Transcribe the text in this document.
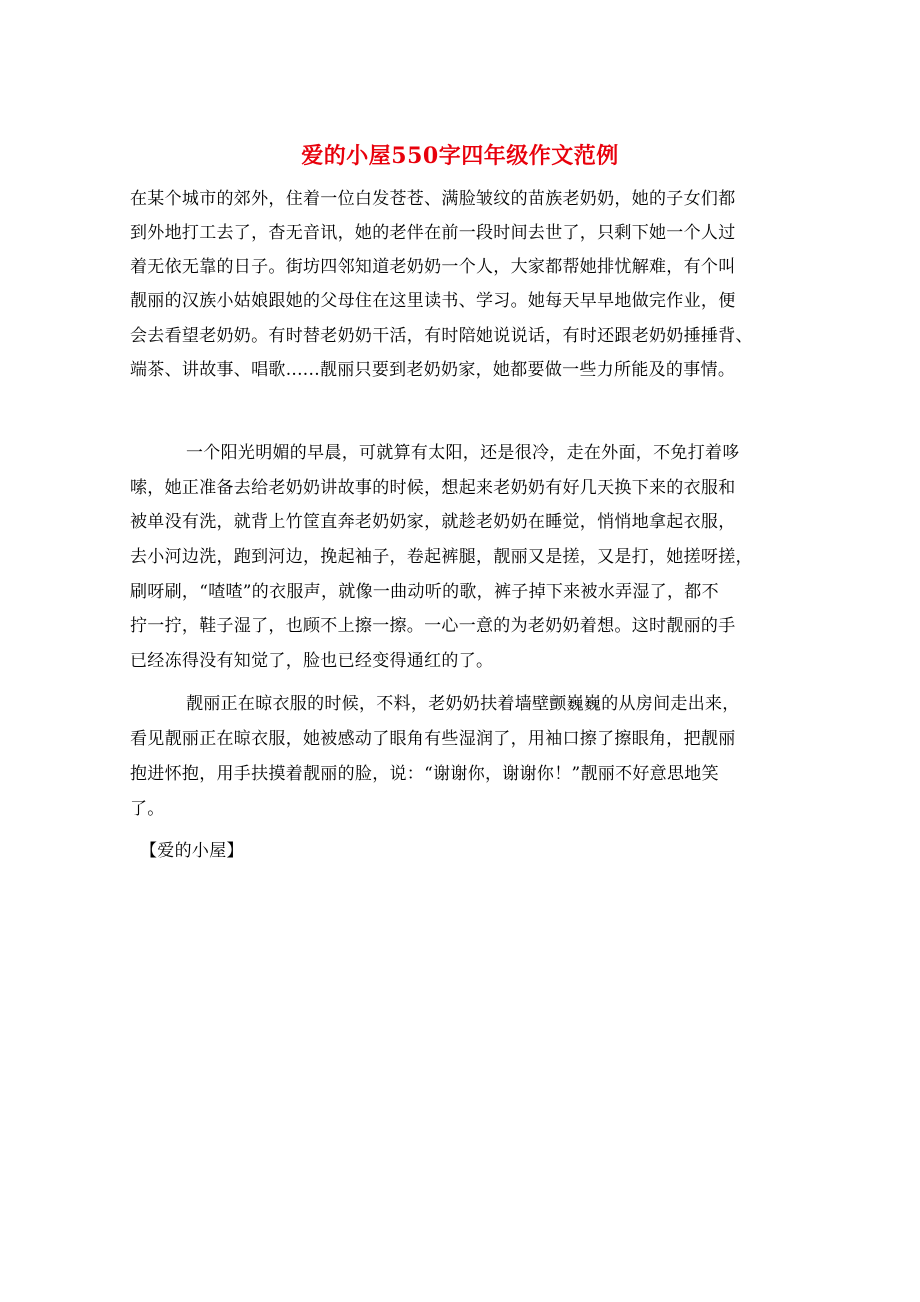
爱的小屋550字四年级作文范例
在某个城市的郊外，住着一位白发苍苍、满脸皱纹的苗族老奶奶，她的子女们都
到外地打工去了，杳无音讯，她的老伴在前一段时间去世了，只剩下她一个人过
着无依无靠的日子。街坊四邻知道老奶奶一个人，大家都帮她排忧解难，有个叫
靓丽的汉族小姑娘跟她的父母住在这里读书、学习。她每天早早地做完作业，便
会去看望老奶奶。有时替老奶奶干活，有时陪她说说话，有时还跟老奶奶捶捶背、
端茶、讲故事、唱歌......靓丽只要到老奶奶家，她都要做一些力所能及的事情。
一个阳光明媚的早晨，可就算有太阳，还是很冷，走在外面，不免打着哆
嗦，她正准备去给老奶奶讲故事的时候，想起来老奶奶有好几天换下来的衣服和
被单没有洗，就背上竹筐直奔老奶奶家，就趁老奶奶在睡觉，悄悄地拿起衣服，
去小河边洗，跑到河边，挽起袖子，卷起裤腿，靓丽又是搓，又是打，她搓呀搓，
刷呀刷，“喳喳”的衣服声，就像一曲动听的歌，裤子掉下来被水弄湿了，都不
拧一拧，鞋子湿了，也顾不上擦一擦。一心一意的为老奶奶着想。这时靓丽的手
已经冻得没有知觉了，脸也已经变得通红的了。
靓丽正在晾衣服的时候，不料，老奶奶扶着墙壁颤巍巍的从房间走出来，
看见靓丽正在晾衣服，她被感动了眼角有些湿润了，用袖口擦了擦眼角，把靓丽
抱进怀抱，用手扶摸着靓丽的脸，说：“谢谢你，谢谢你！”靓丽不好意思地笑
了。
【爱的小屋】
